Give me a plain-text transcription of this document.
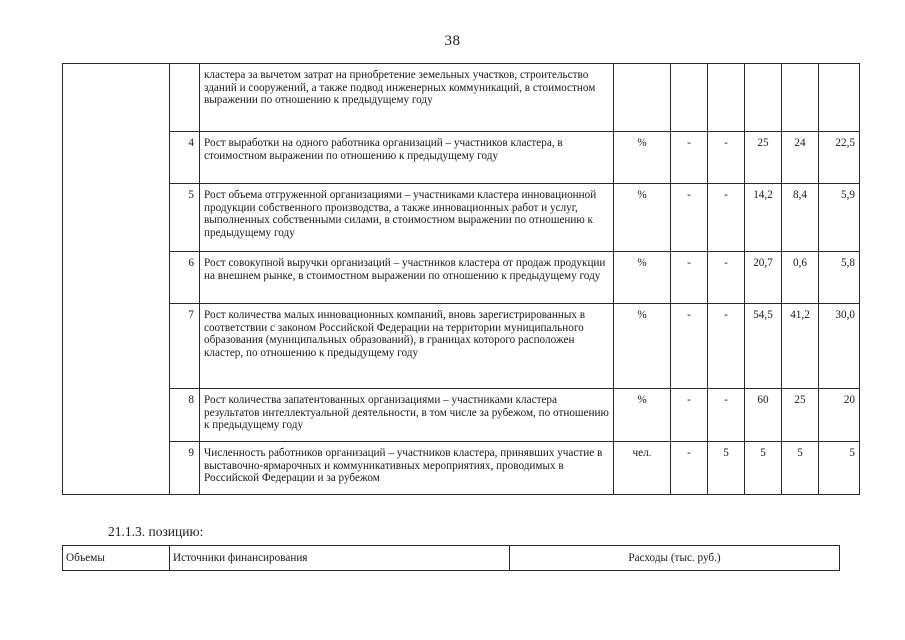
38
		кластера за вычетом затрат на приобретение земельных участков, строительство зданий и сооружений, а также подвод инженерных коммуникаций, в стоимостном выражении по отношению к предыдущему году						
	4	Рост выработки на одного работника организаций – участников кластера, в стоимостном выражении по отношению к предыдущему году	%	-	-	25	24	22,5
	5	Рост объема отгруженной организациями – участниками кластера инновационной продукции собственного производства, а также инновационных работ и услуг, выполненных собственными силами, в стоимостном выражении по отношению к предыдущему году	%	-	-	14,2	8,4	5,9
	6	Рост совокупной выручки организаций – участников кластера от продаж продукции на внешнем рынке, в стоимостном выражении по отношению к предыдущему году	%	-	-	20,7	0,6	5,8
	7	Рост количества малых инновационных компаний, вновь зарегистрированных в соответствии с законом Российской Федерации на территории муниципального образования (муниципальных образований), в границах которого расположен кластер, по отношению к предыдущему году	%	-	-	54,5	41,2	30,0
	8	Рост количества запатентованных организациями – участниками кластера результатов интеллектуальной деятельности, в том числе за рубежом, по отношению к предыдущему году	%	-	-	60	25	20
	9	Численность работников организаций – участников кластера, принявших участие в выставочно-ярмарочных и коммуникативных мероприятиях, проводимых в Российской Федерации и за рубежом	чел.	-	5	5	5	5
21.1.3. позицию:
Объемы	Источники финансирования	Расходы (тыс. руб.)
